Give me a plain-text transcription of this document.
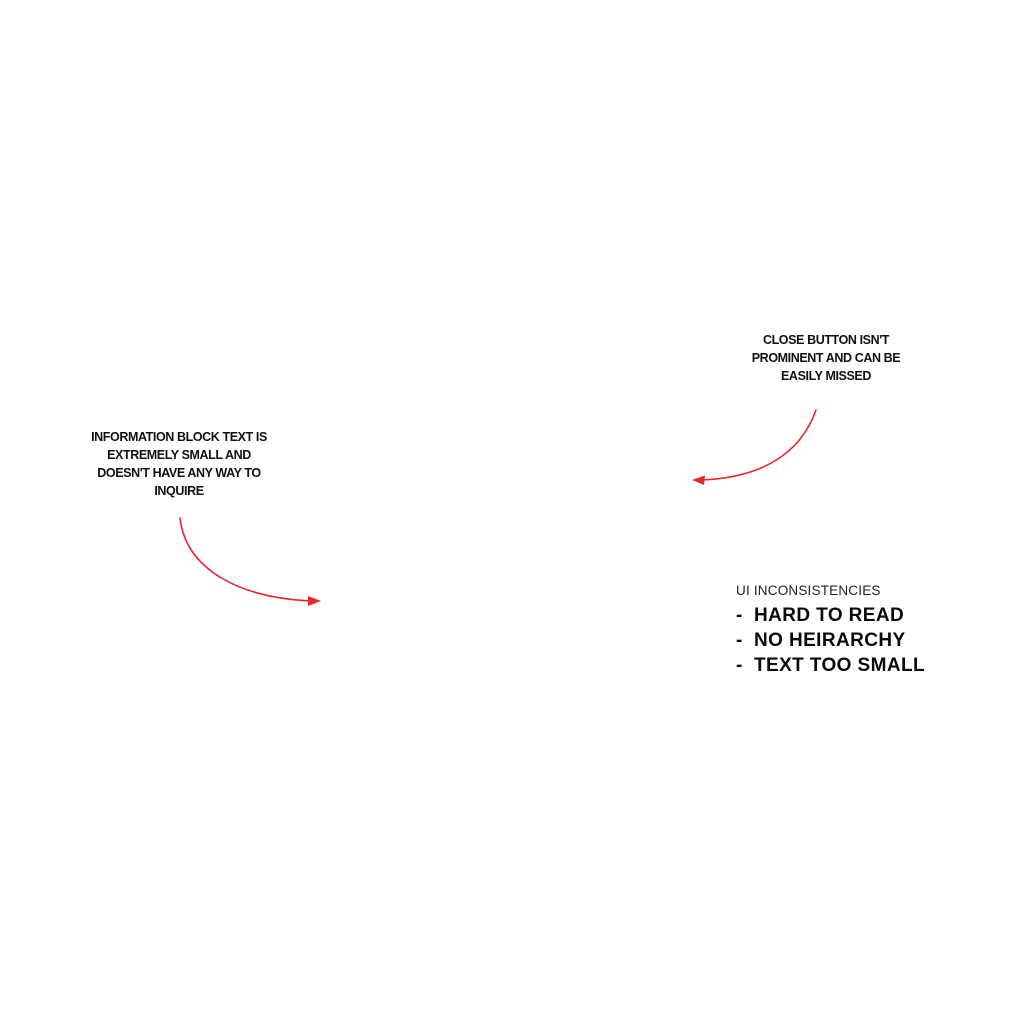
CLOSE BUTTON ISN'T
PROMINENT AND CAN BE
EASILY MISSED
INFORMATION BLOCK TEXT IS
EXTREMELY SMALL AND
DOESN'T HAVE ANY WAY TO
INQUIRE
UI INCONSISTENCIES
- HARD TO READ
- NO HEIRARCHY
- TEXT TOO SMALL
